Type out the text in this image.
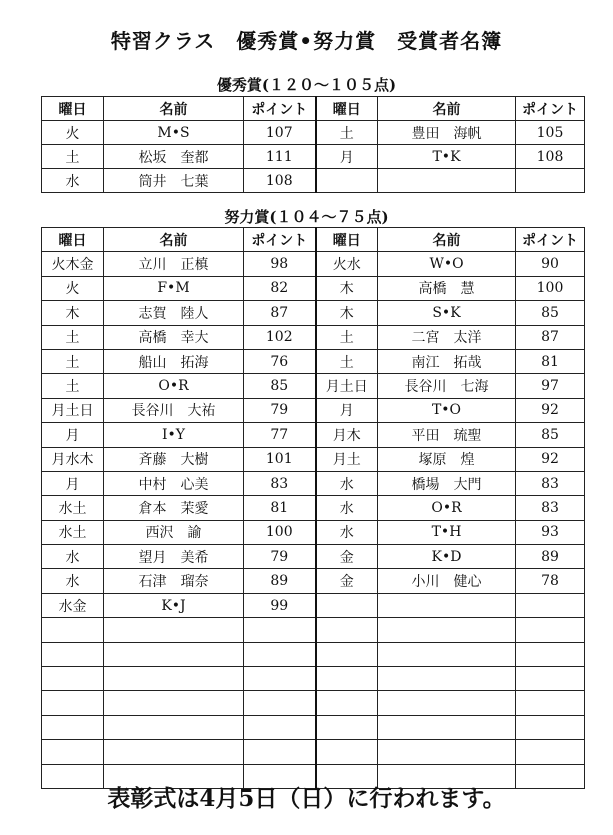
特習クラス　優秀賞•努力賞　受賞者名簿
優秀賞(１２０～１０５点)
曜日	名前	ポイント	曜日	名前	ポイント
火	M•S	107	土	豊田　海帆	105
土	松坂　奎都	111	月	T•K	108
水	筒井　七葉	108			
努力賞(１０４～７５点)
曜日	名前	ポイント	曜日	名前	ポイント
火木金	立川　正槙	98	火水	W•O	90
火	F•M	82	木	高橋　慧	100
木	志賀　陸人	87	木	S•K	85
土	高橋　幸大	102	土	二宮　太洋	87
土	船山　拓海	76	土	南江　拓哉	81
土	O•R	85	月土日	長谷川　七海	97
月土日	長谷川　大祐	79	月	T•O	92
月	I•Y	77	月木	平田　琉聖	85
月水木	斉藤　大樹	101	月土	塚原　煌	92
月	中村　心美	83	水	橋場　大門	83
水土	倉本　茉愛	81	水	O•R	83
水土	西沢　諭	100	水	T•H	93
水	望月　美希	79	金	K•D	89
水	石津　瑠奈	89	金	小川　健心	78
水金	K•J	99			

表彰式は4月5日（日）に行われます。
